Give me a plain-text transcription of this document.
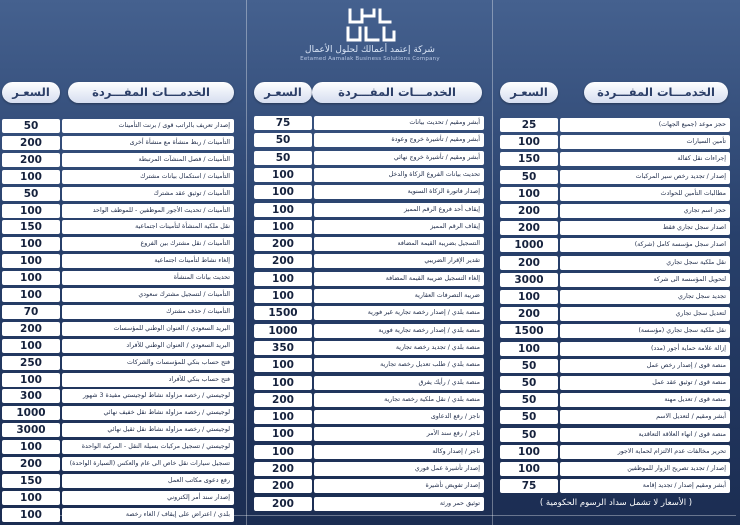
شركة إعتمد أعمالك لحلول الأعمال
Eetamed Aamalak Business Solutions Company
السعـر	الخدمـــات المفـــردة
25	حجز موعد (جميع الجهات)
100	تأمين السيارات
150	إجراءات نقل كفالة
50	إصدار / تجديد رخص سير المركبات
100	مطالبات التأمين للحوادث
200	حجز اسم تجاري
200	اصدار سجل تجاري فقط
1000	اصدار سجل مؤسسة كامل (شركة)
200	نقل ملكية سجل تجاري
3000	لتحويل المؤسسة الى شركة
100	تجديد سجل تجاري
200	لتعديل سجل تجاري
1500	نقل ملكية سجل تجاري (مؤسسة)
100	إزالة علامة حماية أجور (مدد)
50	منصة قوى / إصدار رخص عمل
50	منصة قوى / توثيق عقد عمل
50	منصة قوى / تعديل مهنة
50	أبشر ومقيم / لتعديل الاسم
50	منصة قوى / انهاء العلاقة التعاقدية
100	تحرير مخالفات عدم الالتزام لحماية الاجور
100	إصدار / تجديد تصريح الزوار للموظفين
75	أبشر ومقيم إصدار / تجديد إقامة
السعـر	الخدمـــات المفـــردة
75	أبشر ومقيم / تحديث بيانات
50	أبشر ومقيم / تأشيرة خروج وعودة
50	أبشر ومقيم / تأشيرة خروج نهائي
100	تحديث بيانات الفروع الزكاة والدخل
100	إصدار فاتورة الزكاة السنوية
100	إيقاف أحد فروع الرقم المميز
100	إيقاف الرقم المميز
200	التسجيل بضريبة القيمة المضافة
200	تقدير الإقرار الضريبي
100	إلغاء التسجيل ضريبة القيمة المضافة
100	ضريبة التصرفات العقارية
1500	منصة بلدي / إصدار رخصة تجارية غير فورية
1000	منصة بلدي / إصدار رخصة تجارية فورية
350	منصة بلدي / تجديد رخصة تجارية
100	منصة بلدي / طلب تعديل رخصة تجارية
100	منصة بلدي / رأيك يفرق
200	منصة بلدي / نقل ملكية رخصة تجارية
100	ناجز / رفع الدعاوى
100	ناجز / رفع سند الأمر
100	ناجز / إصدار وكالة
200	إصدار تأشيرة عمل فوري
200	إصدار تفويض تأشيرة
200	توثيق حمر ورثة
السعـر	الخدمـــات المفـــردة
50	إصدار تعريف بالراتب قوى / برنت التأمينات
200	التأمينات / ربط منشأة مع منشأة أخرى
200	التأمينات / فصل المنشآت المرتبطة
100	التأمينات / استكمال بيانات مشترك
50	التأمينات / توثيق عقد مشترك
100	التأمينات / تحديث الأجور الموظفين - للموظف الواحد
150	نقل ملكية المنشأة لتأمينات اجتماعية
100	التأمينات / نقل مشترك بين الفروع
100	إلغاء نشاط لتأمينات اجتماعية
100	تحديث بيانات المنشأة
100	التأمينات / لتسجيل مشترك سعودي
70	التأمينات / حذف مشترك
200	البريد السعودي / العنوان الوطني للمؤسسات
100	البريد السعودي / العنوان الوطني للأفراد
250	فتح حساب بنكي للمؤسسات والشركات
100	فتح حساب بنكي للأفراد
300	لوجيستي / رخصة مزاولة نشاط لوجيستي مفيدة 3 شهور
1000	لوجيستي / رخصة مزاولة نشاط نقل خفيف نهائي
3000	لوجيستي / رخصة مزاولة نشاط نقل ثقيل نهائي
100	لوجيستي / تسجيل مركبات بسيلة النقل - المركبة الواحدة
200	تسجيل سيارات نقل خاص الى عام والعكس (السيارة الواحدة)
150	رفع دعوى مكاتب العمل
100	إصدار سند أمر إلكتروني
100	بلدي / اعتراض على إيقاف / الغاء رخصة
( الأسعار لا تشمل سداد الرسوم الحكومية )
